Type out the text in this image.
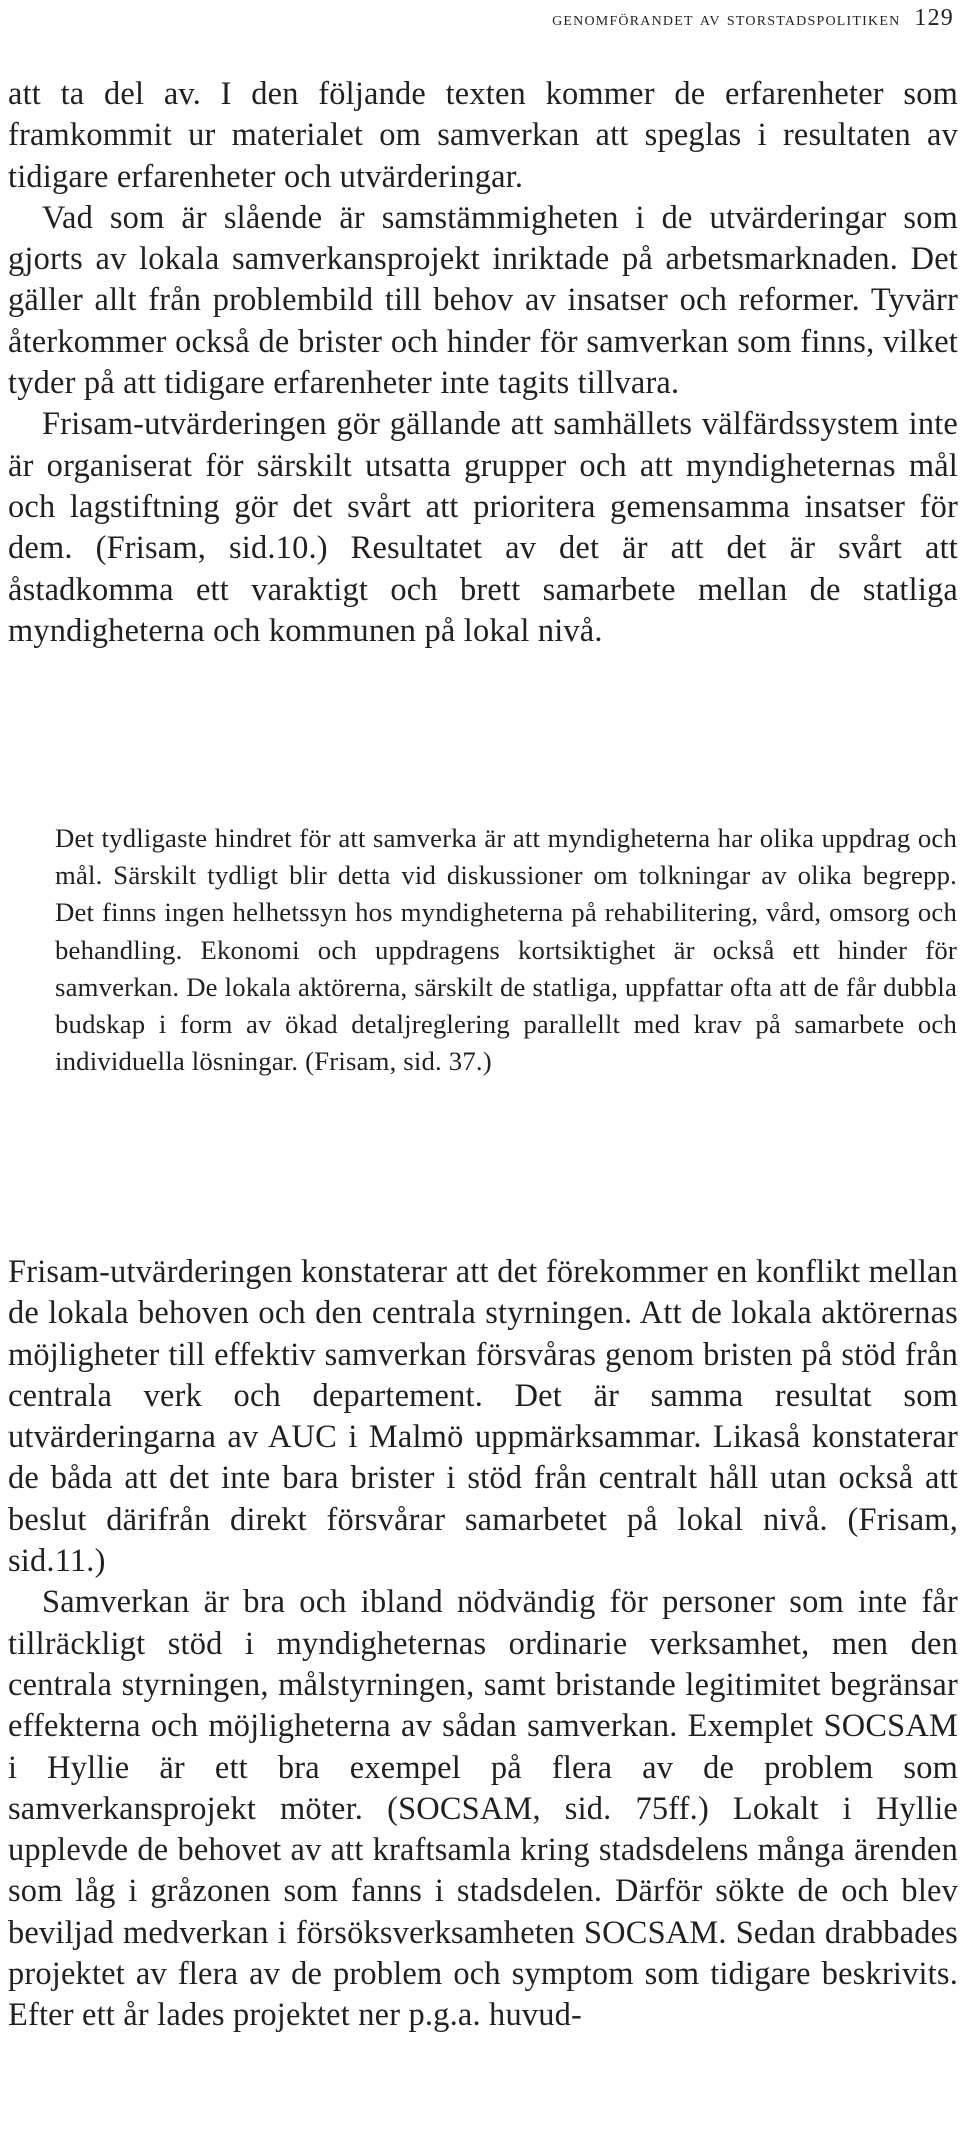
genomförandet av storstadspolitiken 129

att ta del av. I den följande texten kommer de erfarenheter som framkommit ur materialet om samverkan att speglas i resultaten av tidigare erfarenheter och utvärderingar.

Vad som är slående är samstämmigheten i de utvärderingar som gjorts av lokala samverkansprojekt inriktade på arbetsmarknaden. Det gäller allt från problembild till behov av insatser och reformer. Tyvärr återkommer också de brister och hinder för samverkan som finns, vilket tyder på att tidigare erfarenheter inte tagits tillvara.

Frisam-utvärderingen gör gällande att samhällets välfärdssystem inte är organiserat för särskilt utsatta grupper och att myndigheternas mål och lagstiftning gör det svårt att prioritera gemensamma insatser för dem. (Frisam, sid.10.) Resultatet av det är att det är svårt att åstadkomma ett varaktigt och brett samarbete mellan de statliga myndigheterna och kommunen på lokal nivå.

Det tydligaste hindret för att samverka är att myndigheterna har olika uppdrag och mål. Särskilt tydligt blir detta vid diskussioner om tolkningar av olika begrepp. Det finns ingen helhetssyn hos myndigheterna på rehabilitering, vård, omsorg och behandling. Ekonomi och uppdragens kortsiktighet är också ett hinder för samverkan. De lokala aktörerna, särskilt de statliga, uppfattar ofta att de får dubbla budskap i form av ökad detaljreglering parallellt med krav på samarbete och individuella lösningar. (Frisam, sid. 37.)

Frisam-utvärderingen konstaterar att det förekommer en konflikt mellan de lokala behoven och den centrala styrningen. Att de lokala aktörernas möjligheter till effektiv samverkan försvåras genom bristen på stöd från centrala verk och departement. Det är samma resultat som utvärderingarna av AUC i Malmö uppmärksammar. Likaså konstaterar de båda att det inte bara brister i stöd från centralt håll utan också att beslut därifrån direkt försvårar samarbetet på lokal nivå. (Frisam, sid.11.)

Samverkan är bra och ibland nödvändig för personer som inte får tillräckligt stöd i myndigheternas ordinarie verksamhet, men den centrala styrningen, målstyrningen, samt bristande legitimitet begränsar effekterna och möjligheterna av sådan samverkan. Exemplet SOCSAM i Hyllie är ett bra exempel på flera av de problem som samverkansprojekt möter. (SOCSAM, sid. 75ff.) Lokalt i Hyllie upplevde de behovet av att kraftsamla kring stadsdelens många ärenden som låg i gråzonen som fanns i stadsdelen. Därför sökte de och blev beviljad medverkan i försöksverksamheten SOCSAM. Sedan drabbades projektet av flera av de problem och symptom som tidigare beskrivits. Efter ett år lades projektet ner p.g.a. huvud-
